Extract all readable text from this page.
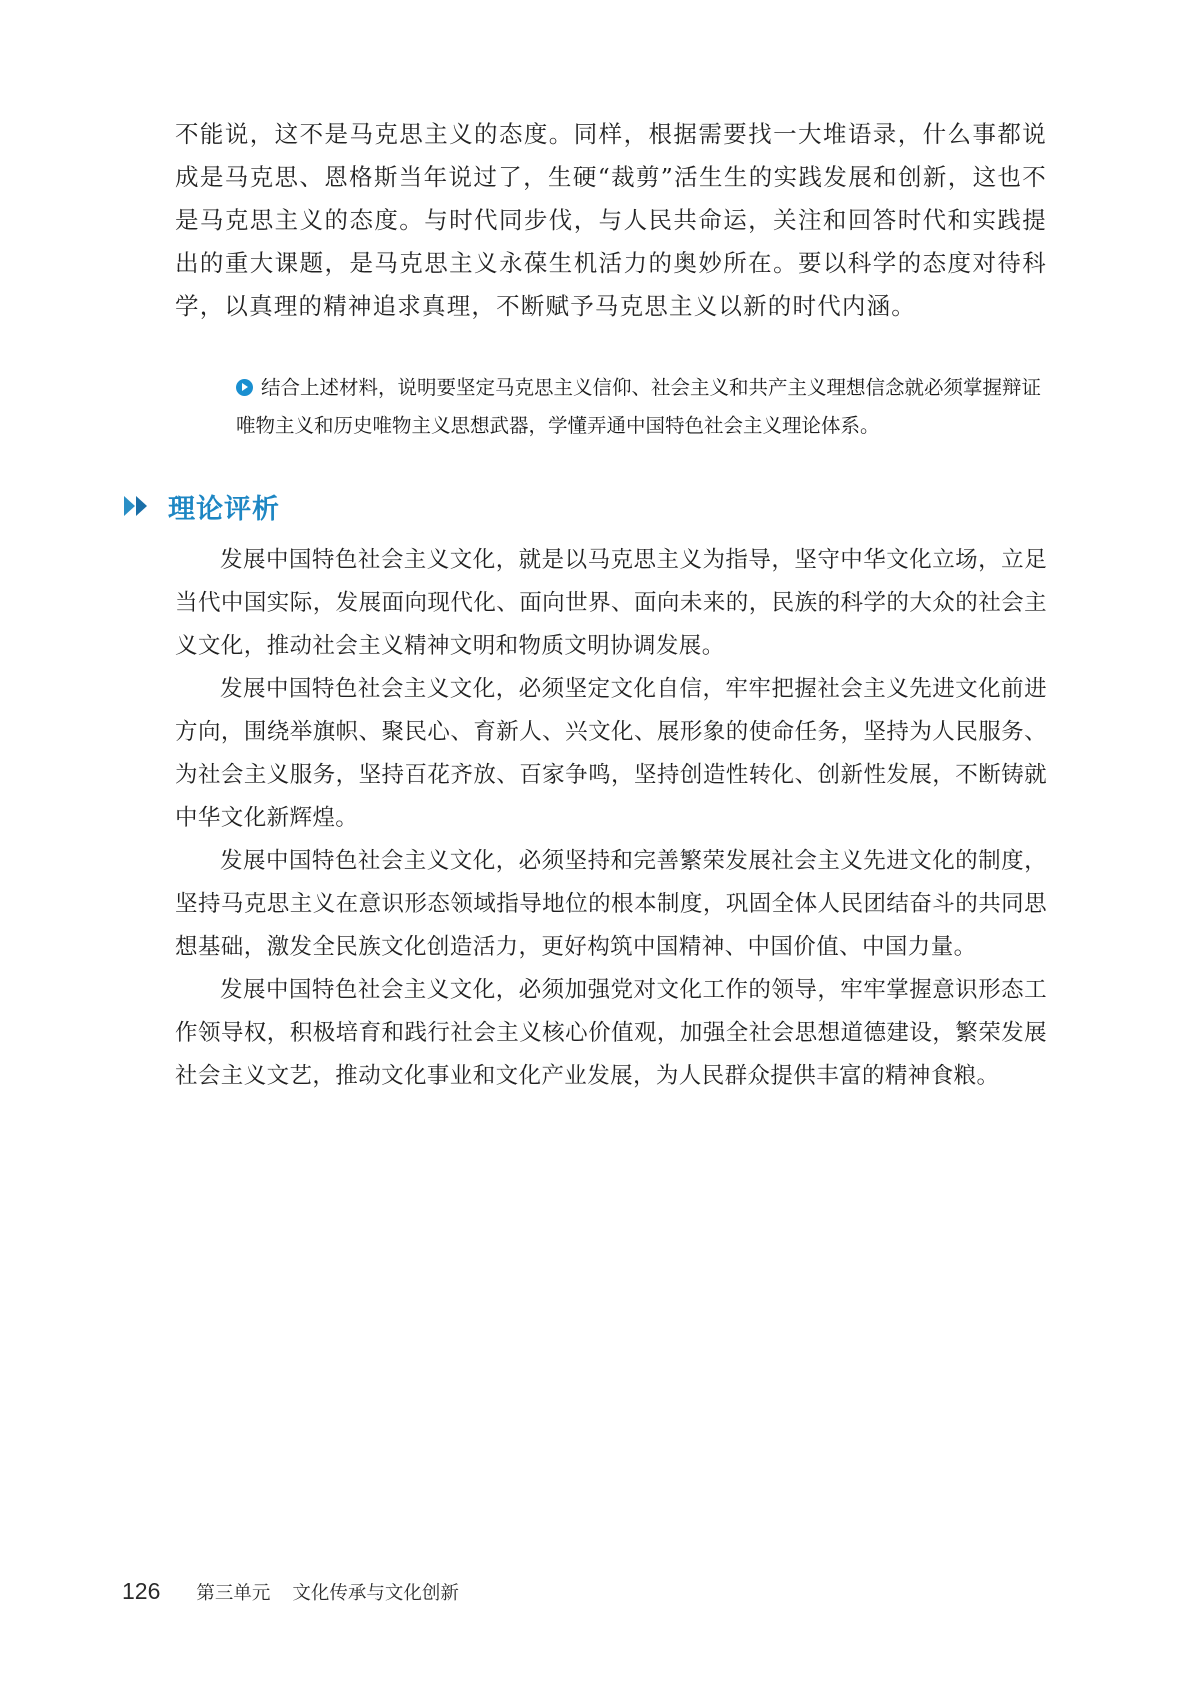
不能说，这不是马克思主义的态度。同样，根据需要找一大堆语录，什么事都说成是马克思、恩格斯当年说过了，生硬“裁剪”活生生的实践发展和创新，这也不是马克思主义的态度。与时代同步伐，与人民共命运，关注和回答时代和实践提出的重大课题，是马克思主义永葆生机活力的奥妙所在。要以科学的态度对待科学，以真理的精神追求真理，不断赋予马克思主义以新的时代内涵。
结合上述材料，说明要坚定马克思主义信仰、社会主义和共产主义理想信念就必须掌握辩证唯物主义和历史唯物主义思想武器，学懂弄通中国特色社会主义理论体系。
理论评析

发展中国特色社会主义文化，就是以马克思主义为指导，坚守中华文化立场，立足当代中国实际，发展面向现代化、面向世界、面向未来的，民族的科学的大众的社会主义文化，推动社会主义精神文明和物质文明协调发展。

发展中国特色社会主义文化，必须坚定文化自信，牢牢把握社会主义先进文化前进方向，围绕举旗帜、聚民心、育新人、兴文化、展形象的使命任务，坚持为人民服务、为社会主义服务，坚持百花齐放、百家争鸣，坚持创造性转化、创新性发展，不断铸就中华文化新辉煌。

发展中国特色社会主义文化，必须坚持和完善繁荣发展社会主义先进文化的制度，坚持马克思主义在意识形态领域指导地位的根本制度，巩固全体人民团结奋斗的共同思想基础，激发全民族文化创造活力，更好构筑中国精神、中国价值、中国力量。

发展中国特色社会主义文化，必须加强党对文化工作的领导，牢牢掌握意识形态工作领导权，积极培育和践行社会主义核心价值观，加强全社会思想道德建设，繁荣发展社会主义文艺，推动文化事业和文化产业发展，为人民群众提供丰富的精神食粮。

126 第三单元 文化传承与文化创新
